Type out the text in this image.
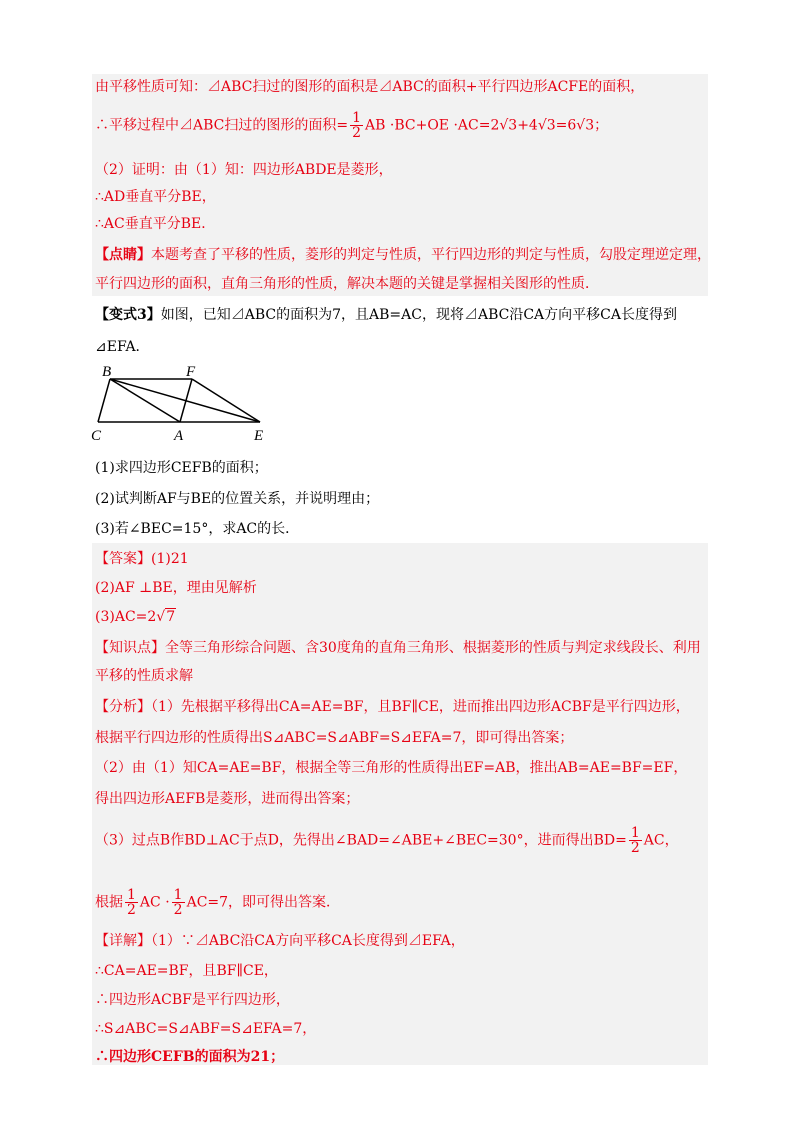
由平移性质可知：⊿ABC扫过的图形的面积是⊿ABC的面积+平行四边形ACFE的面积，
∴平移过程中⊿ABC扫过的图形的面积= $\frac{1}{2}$ AB ·BC+OE ·AC=2√3+4√3=6√3；
（2）证明：由（1）知：四边形ABDE是菱形，
∴AD垂直平分BE，
∴AC垂直平分BE．
【点睛】本题考查了平移的性质，菱形的判定与性质，平行四边形的判定与性质，勾股定理逆定理，
平行四边形的面积，直角三角形的性质，解决本题的关键是掌握相关图形的性质．
【变式3】如图，已知⊿ABC的面积为7，且AB=AC，现将⊿ABC沿CA方向平移CA长度得到
⊿EFA．
B	F
C	A	E
(1)求四边形CEFB的面积；
(2)试判断AF与BE的位置关系，并说明理由；
(3)若∠BEC=15°，求AC的长．
【答案】(1)21
(2)AF ⊥BE，理由见解析
(3)AC=2√7
【知识点】全等三角形综合问题、含30度角的直角三角形、根据菱形的性质与判定求线段长、利用
平移的性质求解
【分析】（1）先根据平移得出CA=AE=BF，且BF∥CE，进而推出四边形ACBF是平行四边形，
根据平行四边形的性质得出S⊿ABC=S⊿ABF=S⊿EFA=7，即可得出答案；
（2）由（1）知CA=AE=BF，根据全等三角形的性质得出EF=AB，推出AB=AE=BF=EF，
得出四边形AEFB是菱形，进而得出答案；
（3）过点B作BD⊥AC于点D，先得出∠BAD=∠ABE+∠BEC=30°，进而得出$BD= \frac{1}{2}$ AC，
根据 $\frac{1}{2}$ AC · $\frac{1}{2} AC=7$，即可得出答案．
【详解】（1）∵⊿ABC沿CA方向平移CA长度得到⊿EFA，
∴CA=AE=BF，且BF∥CE，
∴四边形ACBF是平行四边形，
∴S⊿ABC=S⊿ABF=S⊿EFA=7，
∴四边形CEFB的面积为21；
